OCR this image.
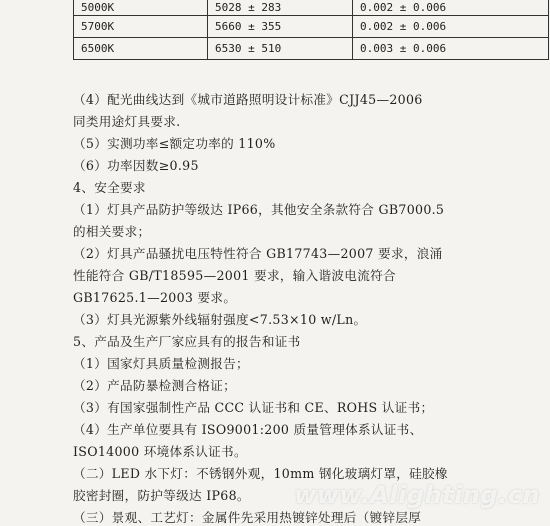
5000K	5028 ± 283	0.002 ± 0.006
5700K	5660 ± 355	0.002 ± 0.006
6500K	6530 ± 510	0.003 ± 0.006
（4）配光曲线达到《城市道路照明设计标准》CJJ45—2006
同类用途灯具要求.
（5）实测功率≤额定功率的 110%
（6）功率因数≥0.95
4、安全要求
（1）灯具产品防护等级达 IP66，其他安全条款符合 GB7000.5
的相关要求；
（2）灯具产品骚扰电压特性符合 GB17743—2007 要求，浪涌
性能符合 GB/T18595—2001 要求，输入谐波电流符合
GB17625.1—2003 要求。
（3）灯具光源紫外线辐射强度<7.53×10 w/Ln。
5、产品及生产厂家应具有的报告和证书
（1）国家灯具质量检测报告；
（2）产品防暴检测合格证；
（3）有国家强制性产品 CCC 认证书和 CE、ROHS 认证书；
（4）生产单位要具有 ISO9001:200 质量管理体系认证书、
ISO14000 环境体系认证书。
（二）LED 水下灯：不锈钢外观，10mm 钢化玻璃灯罩，硅胶橡
胶密封圈，防护等级达 IP68。
（三）景观、工艺灯：金属件先采用热镀锌处理后（镀锌层厚
www.Alighting.cn
